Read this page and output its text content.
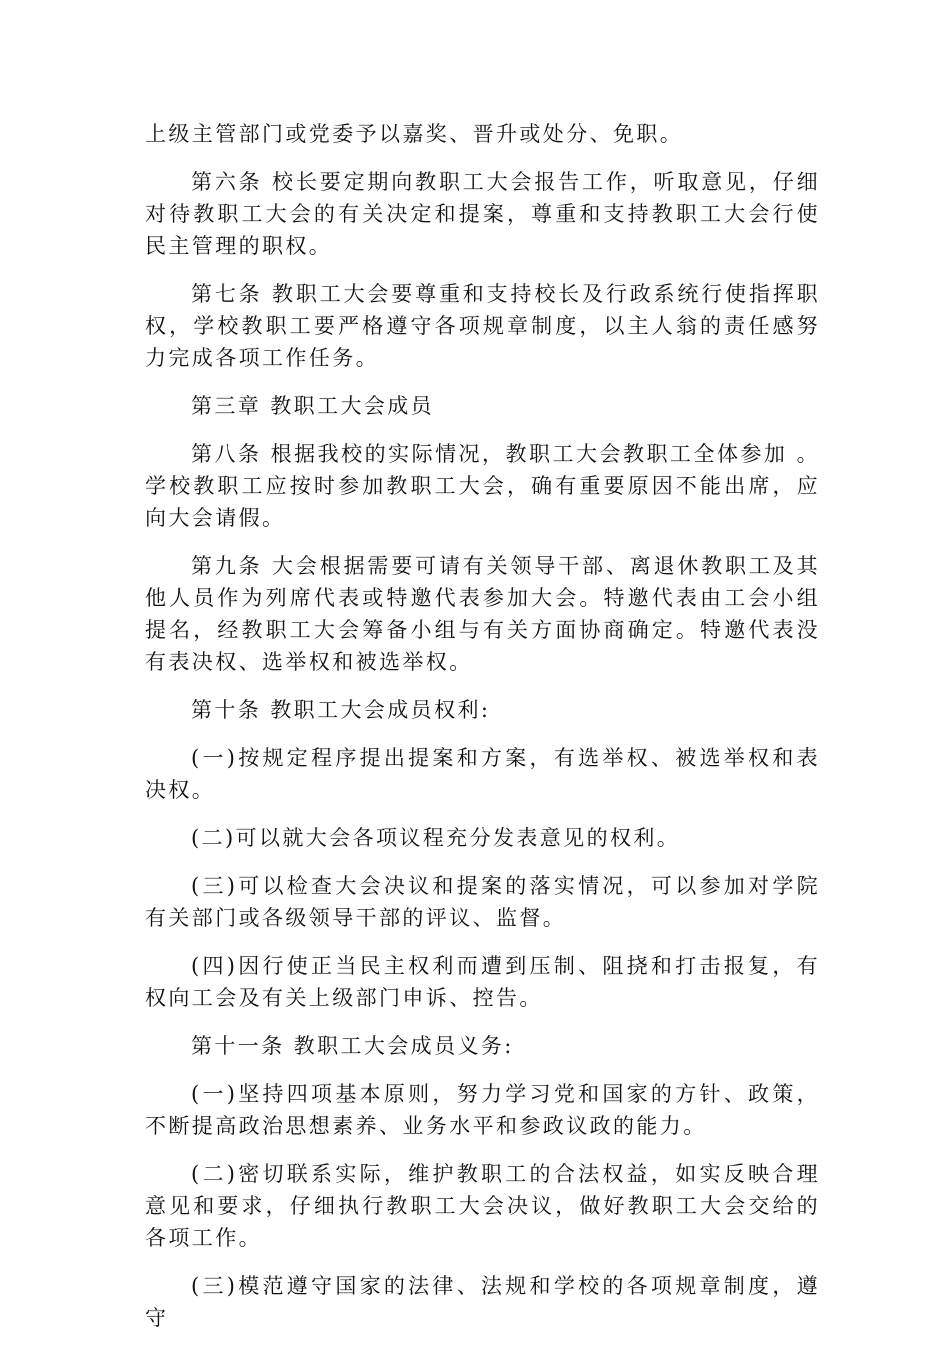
上级主管部门或党委予以嘉奖、晋升或处分、免职。

第六条 校长要定期向教职工大会报告工作，听取意见，仔细对待教职工大会的有关决定和提案，尊重和支持教职工大会行使民主管理的职权。

第七条 教职工大会要尊重和支持校长及行政系统行使指挥职权，学校教职工要严格遵守各项规章制度，以主人翁的责任感努力完成各项工作任务。

第三章 教职工大会成员

第八条 根据我校的实际情况，教职工大会教职工全体参加 。学校教职工应按时参加教职工大会，确有重要原因不能出席，应向大会请假。

第九条 大会根据需要可请有关领导干部、离退休教职工及其他人员作为列席代表或特邀代表参加大会。特邀代表由工会小组提名，经教职工大会筹备小组与有关方面协商确定。特邀代表没有表决权、选举权和被选举权。

第十条 教职工大会成员权利:

(一)按规定程序提出提案和方案，有选举权、被选举权和表决权。

(二)可以就大会各项议程充分发表意见的权利。

(三)可以检查大会决议和提案的落实情况，可以参加对学院有关部门或各级领导干部的评议、监督。

(四)因行使正当民主权利而遭到压制、阻挠和打击报复，有权向工会及有关上级部门申诉、控告。

第十一条 教职工大会成员义务:

(一)坚持四项基本原则，努力学习党和国家的方针、政策，不断提高政治思想素养、业务水平和参政议政的能力。

(二)密切联系实际，维护教职工的合法权益，如实反映合理意见和要求，仔细执行教职工大会决议，做好教职工大会交给的各项工作。

(三)模范遵守国家的法律、法规和学校的各项规章制度，遵守
